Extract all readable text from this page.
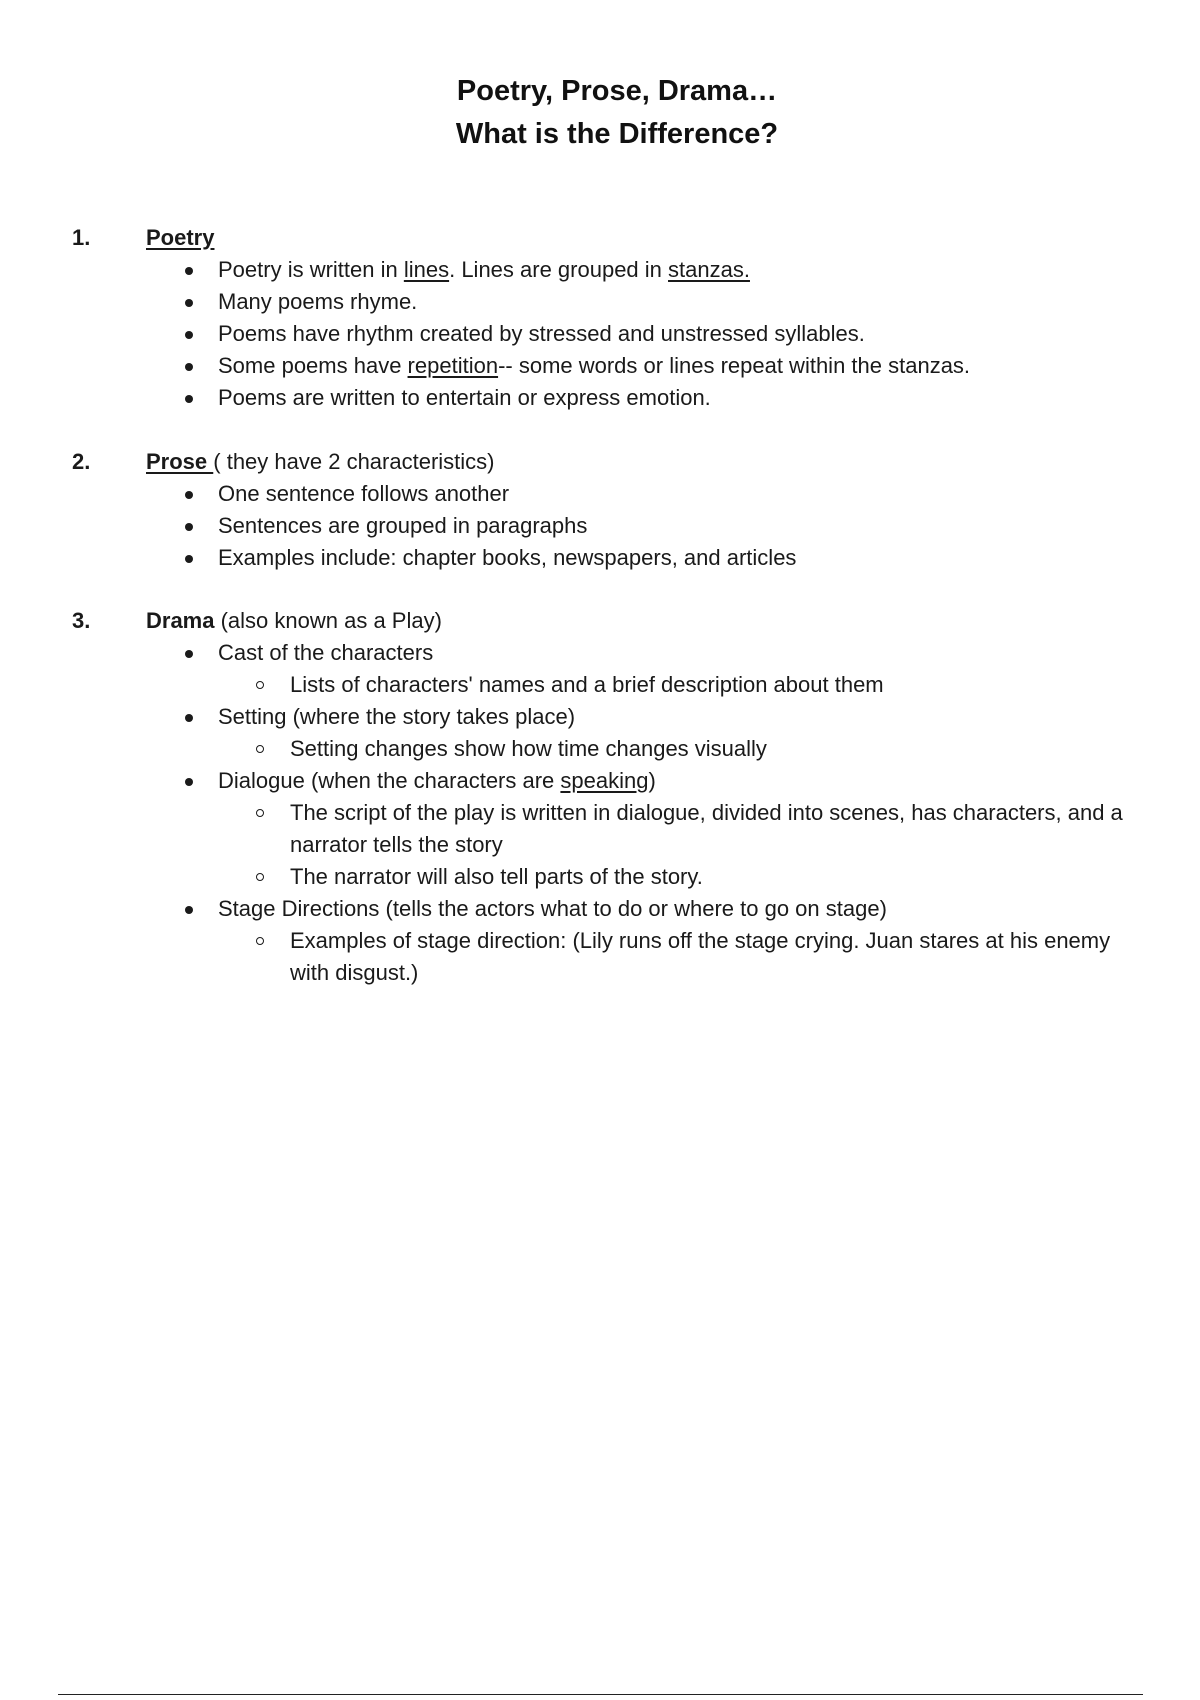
Poetry, Prose, Drama…
What is the Difference?
1.	Poetry
Poetry is written in lines. Lines are grouped in stanzas.
Many poems rhyme.
Poems have rhythm created by stressed and unstressed syllables.
Some poems have repetition-- some words or lines repeat within the stanzas.
Poems are written to entertain or express emotion.
2.	Prose ( they have 2 characteristics)
One sentence follows another
Sentences are grouped in paragraphs
Examples include: chapter books, newspapers, and articles
3.	Drama (also known as a Play)
Cast of the characters
Lists of characters' names and a brief description about them
Setting (where the story takes place)
Setting changes show how time changes visually
Dialogue (when the characters are speaking)
The script of the play is written in dialogue, divided into scenes, has characters, and a narrator tells the story
The narrator will also tell parts of the story.
Stage Directions (tells the actors what to do or where to go on stage)
Examples of stage direction: (Lily runs off the stage crying. Juan stares at his enemy with disgust.)
